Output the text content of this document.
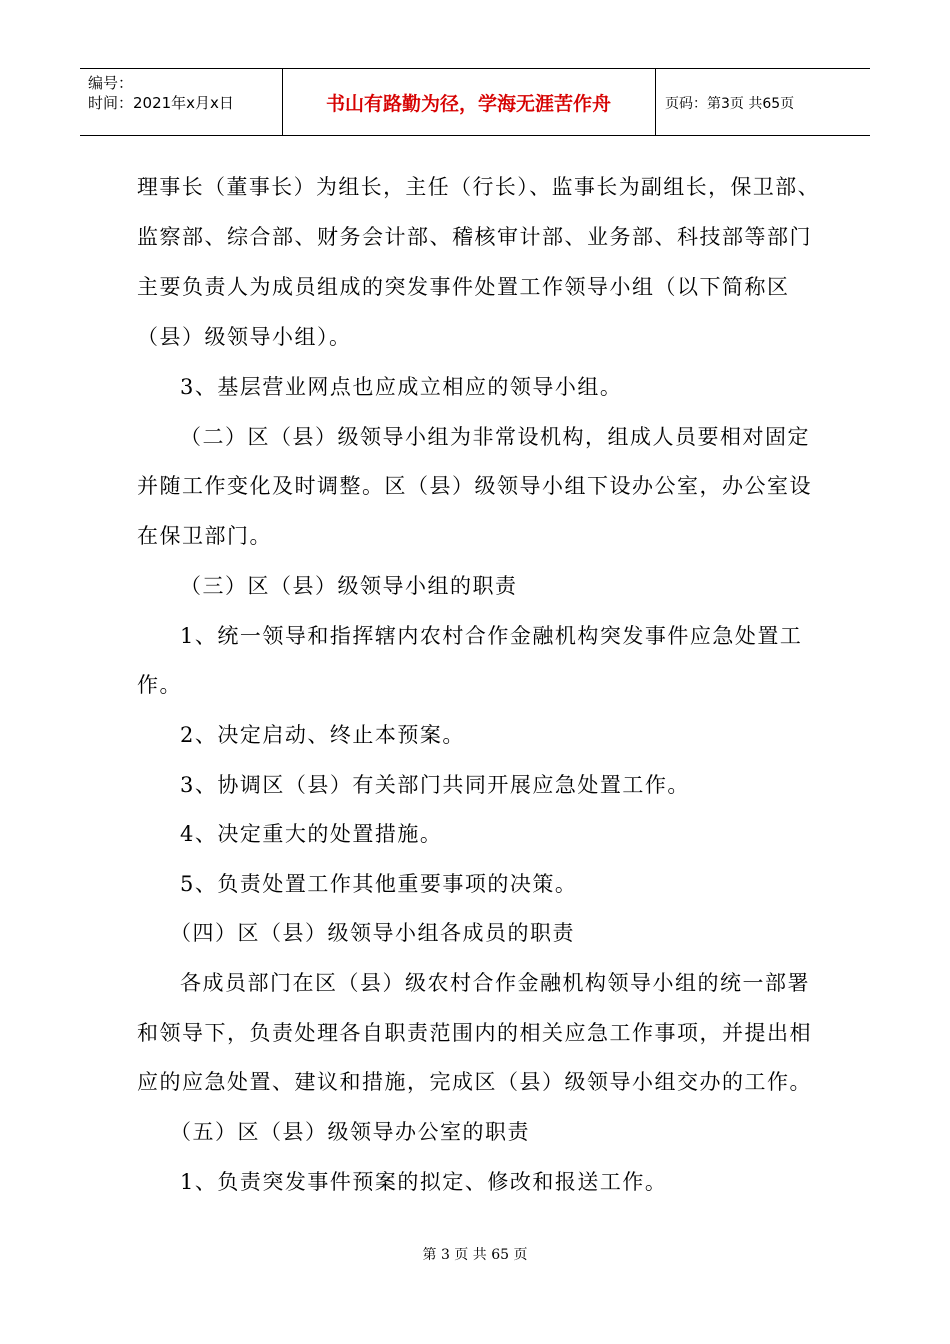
编号：
时间：2021年x月x日	书山有路勤为径，学海无涯苦作舟	页码：第3页 共65页
理事长（董事长）为组长，主任（行长）、监事长为副组长，保卫部、
监察部、综合部、财务会计部、稽核审计部、业务部、科技部等部门
主要负责人为成员组成的突发事件处置工作领导小组（以下简称区
（县）级领导小组）。
3、基层营业网点也应成立相应的领导小组。
（二）区（县）级领导小组为非常设机构，组成人员要相对固定
并随工作变化及时调整。区（县）级领导小组下设办公室，办公室设
在保卫部门。
（三）区（县）级领导小组的职责
1、统一领导和指挥辖内农村合作金融机构突发事件应急处置工
作。
2、决定启动、终止本预案。
3、协调区（县）有关部门共同开展应急处置工作。
4、决定重大的处置措施。
5、负责处置工作其他重要事项的决策。
（四）区（县）级领导小组各成员的职责
各成员部门在区（县）级农村合作金融机构领导小组的统一部署
和领导下，负责处理各自职责范围内的相关应急工作事项，并提出相
应的应急处置、建议和措施，完成区（县）级领导小组交办的工作。
（五）区（县）级领导办公室的职责
1、负责突发事件预案的拟定、修改和报送工作。
第 3 页 共 65 页
